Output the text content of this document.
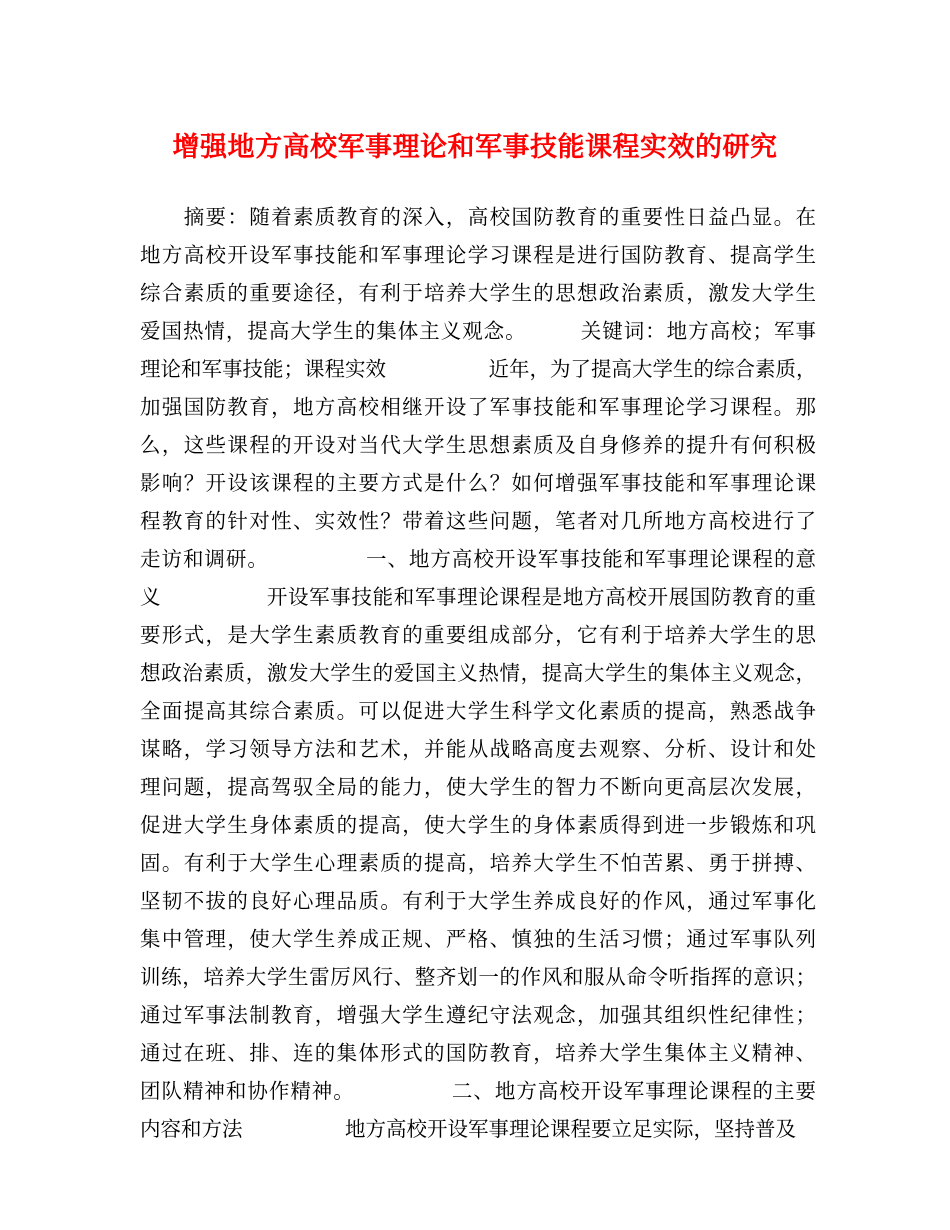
增强地方高校军事理论和军事技能课程实效的研究
　　摘要：随着素质教育的深入，高校国防教育的重要性日益凸显。在
地方高校开设军事技能和军事理论学习课程是进行国防教育、提高学生
综合素质的重要途径，有利于培养大学生的思想政治素质，激发大学生
爱国热情，提高大学生的集体主义观念。　　　关键词：地方高校；军事
理论和军事技能；课程实效　　　　　近年，为了提高大学生的综合素质，
加强国防教育，地方高校相继开设了军事技能和军事理论学习课程。那
么，这些课程的开设对当代大学生思想素质及自身修养的提升有何积极
影响？开设该课程的主要方式是什么？如何增强军事技能和军事理论课
程教育的针对性、实效性？带着这些问题，笔者对几所地方高校进行了
走访和调研。　　　　　一、地方高校开设军事技能和军事理论课程的意
义　　　　　开设军事技能和军事理论课程是地方高校开展国防教育的重
要形式，是大学生素质教育的重要组成部分，它有利于培养大学生的思
想政治素质，激发大学生的爱国主义热情，提高大学生的集体主义观念，
全面提高其综合素质。可以促进大学生科学文化素质的提高，熟悉战争
谋略，学习领导方法和艺术，并能从战略高度去观察、分析、设计和处
理问题，提高驾驭全局的能力，使大学生的智力不断向更高层次发展，
促进大学生身体素质的提高，使大学生的身体素质得到进一步锻炼和巩
固。有利于大学生心理素质的提高，培养大学生不怕苦累、勇于拼搏、
坚韧不拔的良好心理品质。有利于大学生养成良好的作风，通过军事化
集中管理，使大学生养成正规、严格、慎独的生活习惯；通过军事队列
训练，培养大学生雷厉风行、整齐划一的作风和服从命令听指挥的意识；
通过军事法制教育，增强大学生遵纪守法观念，加强其组织性纪律性；
通过在班、排、连的集体形式的国防教育，培养大学生集体主义精神、
团队精神和协作精神。　　　　　二、地方高校开设军事理论课程的主要
内容和方法　　　　　地方高校开设军事理论课程要立足实际，坚持普及
